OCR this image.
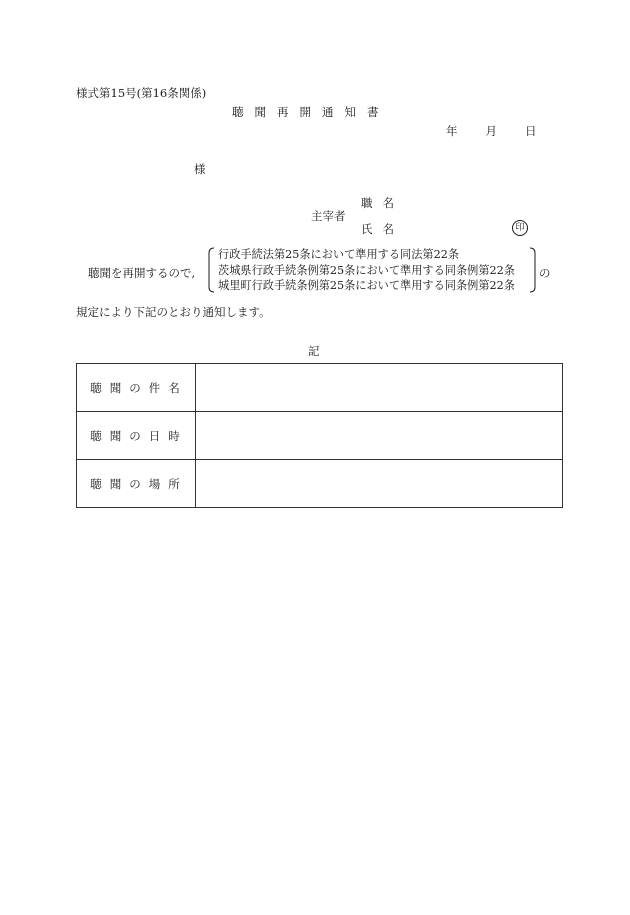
様式第15号(第16条関係)
聴聞再開通知書
年 月 日
様
主宰者
職名
氏名	印
聴聞を再開するので,
行政手続法第25条において準用する同法第22条
茨城県行政手続条例第25条において準用する同条例第22条
城里町行政手続条例第25条において準用する同条例第22条
の
規定により下記のとおり通知します。
記
聴聞の件名	
聴聞の日時	
聴聞の場所	
